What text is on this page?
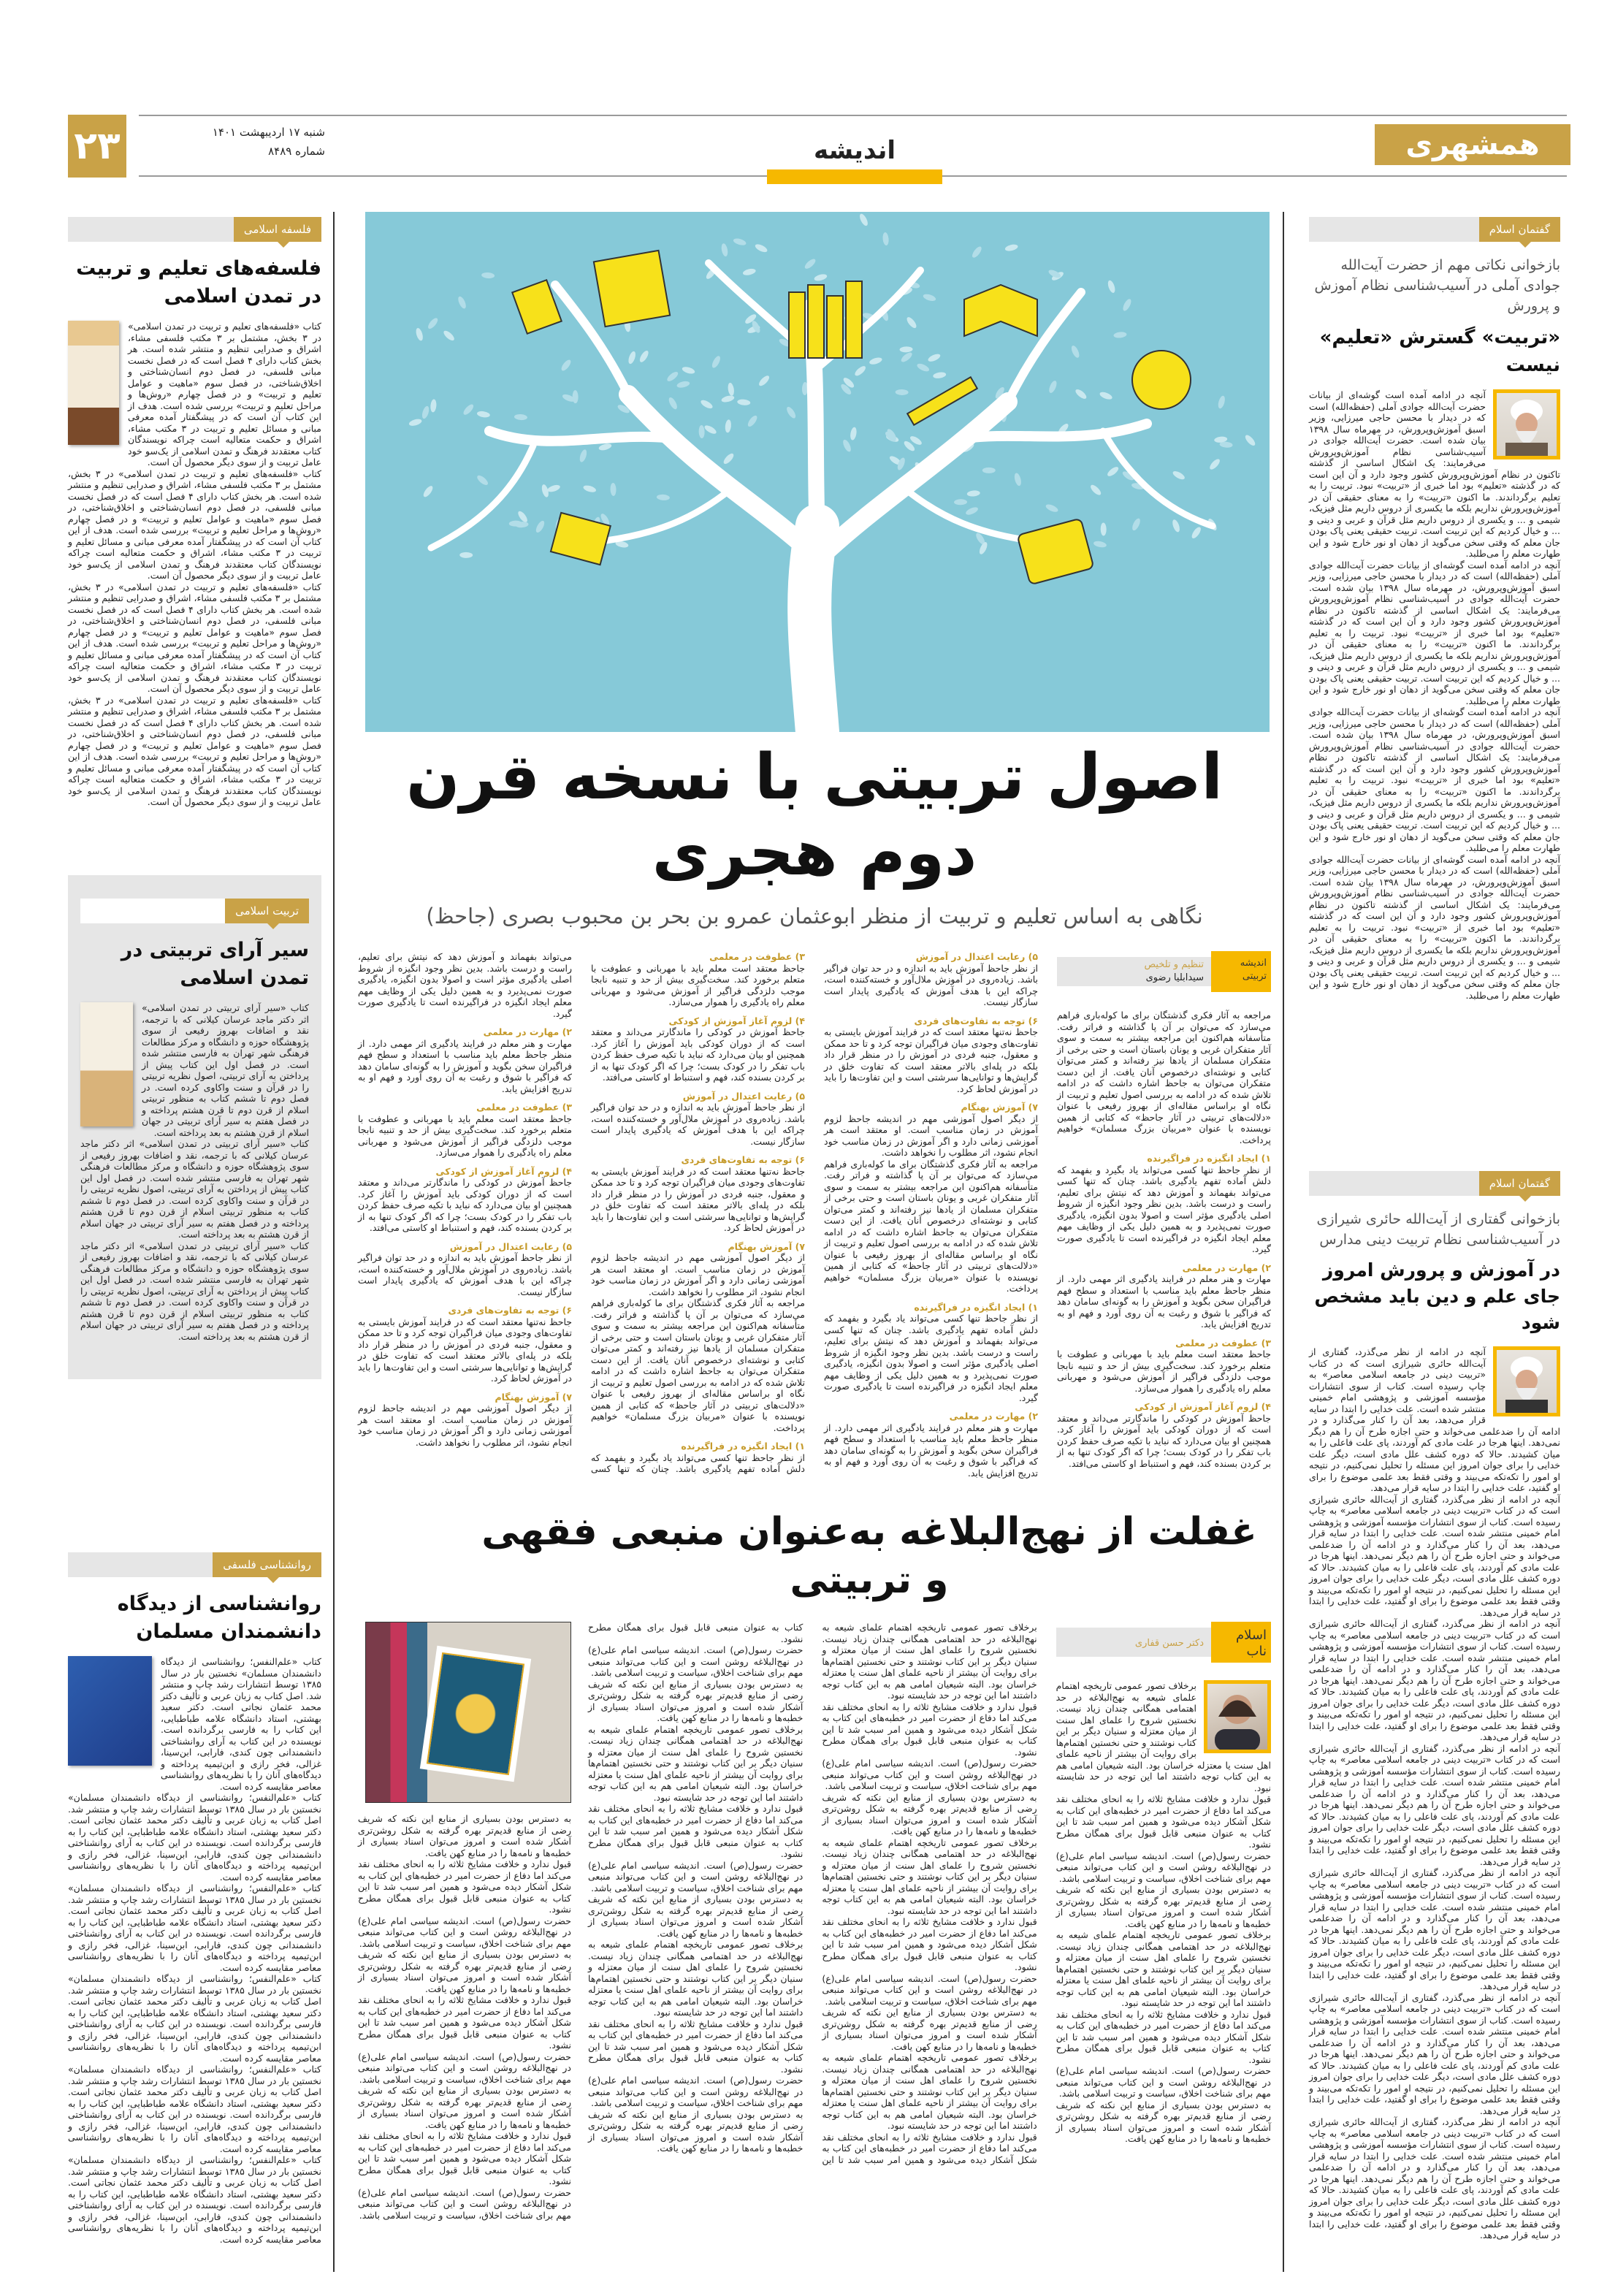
همشهری
۲۳	شنبه ۱۷ اردیبهشت ۱۴۰۱
شماره ۸۴۸۹	اندیشه
اصول تربیتی با نسخه قرن دوم هجری
نگاهی به اساس تعلیم و تربیت از منظر ابوعثمان عمرو بن بحر بن محبوب بصری (جاحظ)
اندیشه تربیتی
تنظیم و تلخیص
سیدابلیا رضوی

مراجعه به آثار فکری گذشتگان برای ما کوله‌باری فراهم می‌سازد که می‌توان بر آن پا گذاشته و فراتر رفت. متأسفانه هم‌اکنون این مراجعه بیشتر به سمت و سوی آثار متفکران غربی و یونان باستان است و حتی برخی از متفکران مسلمان از یادها نیز رفته‌اند و کمتر می‌توان کتابی و نوشته‌ای درخصوص آنان یافت. از این دست متفکران می‌توان به جاحظ اشاره داشت که در ادامه تلاش شده که در ادامه به بررسی اصول تعلیم و تربیت از نگاه او براساس مقاله‌ای از بهروز رفیعی با عنوان «دلالت‌های تربیتی در آثار جاحظ» که کتابی از همین نویسنده با عنوان «مربیان بزرگ مسلمان» خواهیم پرداخت.

۱) ایجاد انگیزه در فراگیرنده

از نظر جاحظ تنها کسی می‌تواند یاد بگیرد و بفهمد که دلش آماده تفهم یادگیری باشد. چنان که تنها کسی می‌تواند بفهماند و آموزش دهد که نیتش برای تعلیم، راست و درست باشد. بدین نظر وجود انگیزه از شروط اصلی یادگیری مؤثر است و اصولا بدون انگیزه، یادگیری صورت نمی‌پذیرد و به همین دلیل یکی از وظایف مهم معلم ایجاد انگیزه در فراگیرنده است تا یادگیری صورت گیرد.

۲) مهارت در معلمی

مهارت و هنر معلم در فرایند یادگیری اثر مهمی دارد. از منظر جاحظ معلم باید مناسب با استعداد و سطح فهم فراگیران سخن بگوید و آموزش را به گونه‌ای سامان دهد که فراگیر با شوق و رغبت به آن روی آورد و فهم او به تدریج افزایش یابد.

۳) عطوفت در معلمی

جاحظ معتقد است معلم باید با مهربانی و عطوفت با متعلم برخورد کند. سخت‌گیری بیش از حد و تنبیه نابجا موجب دلزدگی فراگیر از آموزش می‌شود و مهربانی معلم راه یادگیری را هموار می‌سازد.

۴) لزوم آغاز آموزش از کودکی

جاحظ آموزش در کودکی را ماندگارتر می‌داند و معتقد است که از دوران کودکی باید آموزش را آغاز کرد. همچنین او بیان می‌دارد که نباید با تکیه صرف حفظ کردن باب تفکر را در کودک بست؛ چرا که اگر کودک تنها به از بر کردن بسنده کند، فهم و استنباط او کاستی می‌افتد.

۵) رعایت اعتدال در آموزش

از نظر جاحظ آموزش باید به اندازه و در حد توان فراگیر باشد. زیاده‌روی در آموزش ملال‌آور و خسته‌کننده است، چراکه این با هدف آموزش که یادگیری پایدار است سازگار نیست.

۶) توجه به تفاوت‌های فردی

جاحظ نه‌تنها معتقد است که در فرایند آموزش بایستی به تفاوت‌های وجودی میان فراگیران توجه کرد و تا حد ممکن و معقول، جنبه فردی در آموزش را در منظر قرار داد بلکه در پله‌ای بالاتر معتقد است که تفاوت خلق در گرایش‌ها و توانایی‌ها سرشتی است و این تفاوت‌ها را باید در آموزش لحاظ کرد.

۷) آموزش بهنگام

از دیگر اصول آموزشی مهم در اندیشه جاحظ لزوم آموزش در زمان مناسب است. او معتقد است هر آموزشی زمانی دارد و اگر آموزش در زمان مناسب خود انجام نشود، اثر مطلوب را نخواهد داشت.

مراجعه به آثار فکری گذشتگان برای ما کوله‌باری فراهم می‌سازد که می‌توان بر آن پا گذاشته و فراتر رفت. متأسفانه هم‌اکنون این مراجعه بیشتر به سمت و سوی آثار متفکران غربی و یونان باستان است و حتی برخی از متفکران مسلمان از یادها نیز رفته‌اند و کمتر می‌توان کتابی و نوشته‌ای درخصوص آنان یافت. از این دست متفکران می‌توان به جاحظ اشاره داشت که در ادامه تلاش شده که در ادامه به بررسی اصول تعلیم و تربیت از نگاه او براساس مقاله‌ای از بهروز رفیعی با عنوان «دلالت‌های تربیتی در آثار جاحظ» که کتابی از همین نویسنده با عنوان «مربیان بزرگ مسلمان» خواهیم پرداخت.

۱) ایجاد انگیزه در فراگیرنده

از نظر جاحظ تنها کسی می‌تواند یاد بگیرد و بفهمد که دلش آماده تفهم یادگیری باشد. چنان که تنها کسی می‌تواند بفهماند و آموزش دهد که نیتش برای تعلیم، راست و درست باشد. بدین نظر وجود انگیزه از شروط اصلی یادگیری مؤثر است و اصولا بدون انگیزه، یادگیری صورت نمی‌پذیرد و به همین دلیل یکی از وظایف مهم معلم ایجاد انگیزه در فراگیرنده است تا یادگیری صورت گیرد.

۲) مهارت در معلمی

مهارت و هنر معلم در فرایند یادگیری اثر مهمی دارد. از منظر جاحظ معلم باید مناسب با استعداد و سطح فهم فراگیران سخن بگوید و آموزش را به گونه‌ای سامان دهد که فراگیر با شوق و رغبت به آن روی آورد و فهم او به تدریج افزایش یابد.

۳) عطوفت در معلمی

جاحظ معتقد است معلم باید با مهربانی و عطوفت با متعلم برخورد کند. سخت‌گیری بیش از حد و تنبیه نابجا موجب دلزدگی فراگیر از آموزش می‌شود و مهربانی معلم راه یادگیری را هموار می‌سازد.

۴) لزوم آغاز آموزش از کودکی

جاحظ آموزش در کودکی را ماندگارتر می‌داند و معتقد است که از دوران کودکی باید آموزش را آغاز کرد. همچنین او بیان می‌دارد که نباید با تکیه صرف حفظ کردن باب تفکر را در کودک بست؛ چرا که اگر کودک تنها به از بر کردن بسنده کند، فهم و استنباط او کاستی می‌افتد.

۵) رعایت اعتدال در آموزش

از نظر جاحظ آموزش باید به اندازه و در حد توان فراگیر باشد. زیاده‌روی در آموزش ملال‌آور و خسته‌کننده است، چراکه این با هدف آموزش که یادگیری پایدار است سازگار نیست.

۶) توجه به تفاوت‌های فردی

جاحظ نه‌تنها معتقد است که در فرایند آموزش بایستی به تفاوت‌های وجودی میان فراگیران توجه کرد و تا حد ممکن و معقول، جنبه فردی در آموزش را در منظر قرار داد بلکه در پله‌ای بالاتر معتقد است که تفاوت خلق در گرایش‌ها و توانایی‌ها سرشتی است و این تفاوت‌ها را باید در آموزش لحاظ کرد.

۷) آموزش بهنگام

از دیگر اصول آموزشی مهم در اندیشه جاحظ لزوم آموزش در زمان مناسب است. او معتقد است هر آموزشی زمانی دارد و اگر آموزش در زمان مناسب خود انجام نشود، اثر مطلوب را نخواهد داشت.

مراجعه به آثار فکری گذشتگان برای ما کوله‌باری فراهم می‌سازد که می‌توان بر آن پا گذاشته و فراتر رفت. متأسفانه هم‌اکنون این مراجعه بیشتر به سمت و سوی آثار متفکران غربی و یونان باستان است و حتی برخی از متفکران مسلمان از یادها نیز رفته‌اند و کمتر می‌توان کتابی و نوشته‌ای درخصوص آنان یافت. از این دست متفکران می‌توان به جاحظ اشاره داشت که در ادامه تلاش شده که در ادامه به بررسی اصول تعلیم و تربیت از نگاه او براساس مقاله‌ای از بهروز رفیعی با عنوان «دلالت‌های تربیتی در آثار جاحظ» که کتابی از همین نویسنده با عنوان «مربیان بزرگ مسلمان» خواهیم پرداخت.

۱) ایجاد انگیزه در فراگیرنده

از نظر جاحظ تنها کسی می‌تواند یاد بگیرد و بفهمد که دلش آماده تفهم یادگیری باشد. چنان که تنها کسی می‌تواند بفهماند و آموزش دهد که نیتش برای تعلیم، راست و درست باشد. بدین نظر وجود انگیزه از شروط اصلی یادگیری مؤثر است و اصولا بدون انگیزه، یادگیری صورت نمی‌پذیرد و به همین دلیل یکی از وظایف مهم معلم ایجاد انگیزه در فراگیرنده است تا یادگیری صورت گیرد.

۲) مهارت در معلمی

مهارت و هنر معلم در فرایند یادگیری اثر مهمی دارد. از منظر جاحظ معلم باید مناسب با استعداد و سطح فهم فراگیران سخن بگوید و آموزش را به گونه‌ای سامان دهد که فراگیر با شوق و رغبت به آن روی آورد و فهم او به تدریج افزایش یابد.

۳) عطوفت در معلمی

جاحظ معتقد است معلم باید با مهربانی و عطوفت با متعلم برخورد کند. سخت‌گیری بیش از حد و تنبیه نابجا موجب دلزدگی فراگیر از آموزش می‌شود و مهربانی معلم راه یادگیری را هموار می‌سازد.

۴) لزوم آغاز آموزش از کودکی

جاحظ آموزش در کودکی را ماندگارتر می‌داند و معتقد است که از دوران کودکی باید آموزش را آغاز کرد. همچنین او بیان می‌دارد که نباید با تکیه صرف حفظ کردن باب تفکر را در کودک بست؛ چرا که اگر کودک تنها به از بر کردن بسنده کند، فهم و استنباط او کاستی می‌افتد.

۵) رعایت اعتدال در آموزش

از نظر جاحظ آموزش باید به اندازه و در حد توان فراگیر باشد. زیاده‌روی در آموزش ملال‌آور و خسته‌کننده است، چراکه این با هدف آموزش که یادگیری پایدار است سازگار نیست.

۶) توجه به تفاوت‌های فردی

جاحظ نه‌تنها معتقد است که در فرایند آموزش بایستی به تفاوت‌های وجودی میان فراگیران توجه کرد و تا حد ممکن و معقول، جنبه فردی در آموزش را در منظر قرار داد بلکه در پله‌ای بالاتر معتقد است که تفاوت خلق در گرایش‌ها و توانایی‌ها سرشتی است و این تفاوت‌ها را باید در آموزش لحاظ کرد.

۷) آموزش بهنگام

از دیگر اصول آموزشی مهم در اندیشه جاحظ لزوم آموزش در زمان مناسب است. او معتقد است هر آموزشی زمانی دارد و اگر آموزش در زمان مناسب خود انجام نشود، اثر مطلوب را نخواهد داشت.

غفلت از نهج‌البلاغه به‌عنوان منبعی فقهی و تربیتی

به دسترس بودن بسیاری از منابع این نکته که شریف رضی از منابع قدیم‌تر بهره گرفته به شکل روشن‌تری آشکار شده است و امروز می‌توان اسناد بسیاری از خطبه‌ها و نامه‌ها را در منابع کهن یافت.

قبول ندارد و خلافت مشایخ ثلاثه را به انحای مختلف نقد می‌کند اما دفاع از حضرت امیر در خطبه‌های این کتاب به شکل آشکار دیده می‌شود و همین امر سبب شد تا این کتاب به عنوان منبعی قابل قبول برای همگان مطرح نشود.

حضرت رسول(ص) است. اندیشه سیاسی امام علی(ع) در نهج‌البلاغه روشن است و این کتاب می‌تواند منبعی مهم برای شناخت اخلاق، سیاست و تربیت اسلامی باشد.

به دسترس بودن بسیاری از منابع این نکته که شریف رضی از منابع قدیم‌تر بهره گرفته به شکل روشن‌تری آشکار شده است و امروز می‌توان اسناد بسیاری از خطبه‌ها و نامه‌ها را در منابع کهن یافت.

قبول ندارد و خلافت مشایخ ثلاثه را به انحای مختلف نقد می‌کند اما دفاع از حضرت امیر در خطبه‌های این کتاب به شکل آشکار دیده می‌شود و همین امر سبب شد تا این کتاب به عنوان منبعی قابل قبول برای همگان مطرح نشود.

حضرت رسول(ص) است. اندیشه سیاسی امام علی(ع) در نهج‌البلاغه روشن است و این کتاب می‌تواند منبعی مهم برای شناخت اخلاق، سیاست و تربیت اسلامی باشد.

به دسترس بودن بسیاری از منابع این نکته که شریف رضی از منابع قدیم‌تر بهره گرفته به شکل روشن‌تری آشکار شده است و امروز می‌توان اسناد بسیاری از خطبه‌ها و نامه‌ها را در منابع کهن یافت.

قبول ندارد و خلافت مشایخ ثلاثه را به انحای مختلف نقد می‌کند اما دفاع از حضرت امیر در خطبه‌های این کتاب به شکل آشکار دیده می‌شود و همین امر سبب شد تا این کتاب به عنوان منبعی قابل قبول برای همگان مطرح نشود.

حضرت رسول(ص) است. اندیشه سیاسی امام علی(ع) در نهج‌البلاغه روشن است و این کتاب می‌تواند منبعی مهم برای شناخت اخلاق، سیاست و تربیت اسلامی باشد.

اسلام ناب
دکتر حسن قفاری

برخلاف تصور عمومی تاریخچه اهتمام علمای شیعه به نهج‌البلاغه در حد اهتمامی همگانی چندان زیاد نیست. نخستین شروح را علمای اهل سنت از میان معتزله و سنیان دیگر بر این کتاب نوشتند و حتی نخستین اهتمام‌ها برای روایت آن بیشتر از ناحیه علمای اهل سنت یا معتزله خراسان بود. البته شیعیان امامی هم به این کتاب توجه داشتند اما این توجه در حد شایسته نبود.

قبول ندارد و خلافت مشایخ ثلاثه را به انحای مختلف نقد می‌کند اما دفاع از حضرت امیر در خطبه‌های این کتاب به شکل آشکار دیده می‌شود و همین امر سبب شد تا این کتاب به عنوان منبعی قابل قبول برای همگان مطرح نشود.

حضرت رسول(ص) است. اندیشه سیاسی امام علی(ع) در نهج‌البلاغه روشن است و این کتاب می‌تواند منبعی مهم برای شناخت اخلاق، سیاست و تربیت اسلامی باشد.

به دسترس بودن بسیاری از منابع این نکته که شریف رضی از منابع قدیم‌تر بهره گرفته به شکل روشن‌تری آشکار شده است و امروز می‌توان اسناد بسیاری از خطبه‌ها و نامه‌ها را در منابع کهن یافت.

برخلاف تصور عمومی تاریخچه اهتمام علمای شیعه به نهج‌البلاغه در حد اهتمامی همگانی چندان زیاد نیست. نخستین شروح را علمای اهل سنت از میان معتزله و سنیان دیگر بر این کتاب نوشتند و حتی نخستین اهتمام‌ها برای روایت آن بیشتر از ناحیه علمای اهل سنت یا معتزله خراسان بود. البته شیعیان امامی هم به این کتاب توجه داشتند اما این توجه در حد شایسته نبود.

قبول ندارد و خلافت مشایخ ثلاثه را به انحای مختلف نقد می‌کند اما دفاع از حضرت امیر در خطبه‌های این کتاب به شکل آشکار دیده می‌شود و همین امر سبب شد تا این کتاب به عنوان منبعی قابل قبول برای همگان مطرح نشود.

حضرت رسول(ص) است. اندیشه سیاسی امام علی(ع) در نهج‌البلاغه روشن است و این کتاب می‌تواند منبعی مهم برای شناخت اخلاق، سیاست و تربیت اسلامی باشد.

به دسترس بودن بسیاری از منابع این نکته که شریف رضی از منابع قدیم‌تر بهره گرفته به شکل روشن‌تری آشکار شده است و امروز می‌توان اسناد بسیاری از خطبه‌ها و نامه‌ها را در منابع کهن یافت.

برخلاف تصور عمومی تاریخچه اهتمام علمای شیعه به نهج‌البلاغه در حد اهتمامی همگانی چندان زیاد نیست. نخستین شروح را علمای اهل سنت از میان معتزله و سنیان دیگر بر این کتاب نوشتند و حتی نخستین اهتمام‌ها برای روایت آن بیشتر از ناحیه علمای اهل سنت یا معتزله خراسان بود. البته شیعیان امامی هم به این کتاب توجه داشتند اما این توجه در حد شایسته نبود.

قبول ندارد و خلافت مشایخ ثلاثه را به انحای مختلف نقد می‌کند اما دفاع از حضرت امیر در خطبه‌های این کتاب به شکل آشکار دیده می‌شود و همین امر سبب شد تا این کتاب به عنوان منبعی قابل قبول برای همگان مطرح نشود.

حضرت رسول(ص) است. اندیشه سیاسی امام علی(ع) در نهج‌البلاغه روشن است و این کتاب می‌تواند منبعی مهم برای شناخت اخلاق، سیاست و تربیت اسلامی باشد.

به دسترس بودن بسیاری از منابع این نکته که شریف رضی از منابع قدیم‌تر بهره گرفته به شکل روشن‌تری آشکار شده است و امروز می‌توان اسناد بسیاری از خطبه‌ها و نامه‌ها را در منابع کهن یافت.

برخلاف تصور عمومی تاریخچه اهتمام علمای شیعه به نهج‌البلاغه در حد اهتمامی همگانی چندان زیاد نیست. نخستین شروح را علمای اهل سنت از میان معتزله و سنیان دیگر بر این کتاب نوشتند و حتی نخستین اهتمام‌ها برای روایت آن بیشتر از ناحیه علمای اهل سنت یا معتزله خراسان بود. البته شیعیان امامی هم به این کتاب توجه داشتند اما این توجه در حد شایسته نبود.

قبول ندارد و خلافت مشایخ ثلاثه را به انحای مختلف نقد می‌کند اما دفاع از حضرت امیر در خطبه‌های این کتاب به شکل آشکار دیده می‌شود و همین امر سبب شد تا این کتاب به عنوان منبعی قابل قبول برای همگان مطرح نشود.

حضرت رسول(ص) است. اندیشه سیاسی امام علی(ع) در نهج‌البلاغه روشن است و این کتاب می‌تواند منبعی مهم برای شناخت اخلاق، سیاست و تربیت اسلامی باشد.

به دسترس بودن بسیاری از منابع این نکته که شریف رضی از منابع قدیم‌تر بهره گرفته به شکل روشن‌تری آشکار شده است و امروز می‌توان اسناد بسیاری از خطبه‌ها و نامه‌ها را در منابع کهن یافت.

برخلاف تصور عمومی تاریخچه اهتمام علمای شیعه به نهج‌البلاغه در حد اهتمامی همگانی چندان زیاد نیست. نخستین شروح را علمای اهل سنت از میان معتزله و سنیان دیگر بر این کتاب نوشتند و حتی نخستین اهتمام‌ها برای روایت آن بیشتر از ناحیه علمای اهل سنت یا معتزله خراسان بود. البته شیعیان امامی هم به این کتاب توجه داشتند اما این توجه در حد شایسته نبود.

قبول ندارد و خلافت مشایخ ثلاثه را به انحای مختلف نقد می‌کند اما دفاع از حضرت امیر در خطبه‌های این کتاب به شکل آشکار دیده می‌شود و همین امر سبب شد تا این کتاب به عنوان منبعی قابل قبول برای همگان مطرح نشود.

حضرت رسول(ص) است. اندیشه سیاسی امام علی(ع) در نهج‌البلاغه روشن است و این کتاب می‌تواند منبعی مهم برای شناخت اخلاق، سیاست و تربیت اسلامی باشد.

به دسترس بودن بسیاری از منابع این نکته که شریف رضی از منابع قدیم‌تر بهره گرفته به شکل روشن‌تری آشکار شده است و امروز می‌توان اسناد بسیاری از خطبه‌ها و نامه‌ها را در منابع کهن یافت.

برخلاف تصور عمومی تاریخچه اهتمام علمای شیعه به نهج‌البلاغه در حد اهتمامی همگانی چندان زیاد نیست. نخستین شروح را علمای اهل سنت از میان معتزله و سنیان دیگر بر این کتاب نوشتند و حتی نخستین اهتمام‌ها برای روایت آن بیشتر از ناحیه علمای اهل سنت یا معتزله خراسان بود. البته شیعیان امامی هم به این کتاب توجه داشتند اما این توجه در حد شایسته نبود.

قبول ندارد و خلافت مشایخ ثلاثه را به انحای مختلف نقد می‌کند اما دفاع از حضرت امیر در خطبه‌های این کتاب به شکل آشکار دیده می‌شود و همین امر سبب شد تا این کتاب به عنوان منبعی قابل قبول برای همگان مطرح نشود.

حضرت رسول(ص) است. اندیشه سیاسی امام علی(ع) در نهج‌البلاغه روشن است و این کتاب می‌تواند منبعی مهم برای شناخت اخلاق، سیاست و تربیت اسلامی باشد.

به دسترس بودن بسیاری از منابع این نکته که شریف رضی از منابع قدیم‌تر بهره گرفته به شکل روشن‌تری آشکار شده است و امروز می‌توان اسناد بسیاری از خطبه‌ها و نامه‌ها را در منابع کهن یافت.

برخلاف تصور عمومی تاریخچه اهتمام علمای شیعه به نهج‌البلاغه در حد اهتمامی همگانی چندان زیاد نیست. نخستین شروح را علمای اهل سنت از میان معتزله و سنیان دیگر بر این کتاب نوشتند و حتی نخستین اهتمام‌ها برای روایت آن بیشتر از ناحیه علمای اهل سنت یا معتزله خراسان بود. البته شیعیان امامی هم به این کتاب توجه داشتند اما این توجه در حد شایسته نبود.

قبول ندارد و خلافت مشایخ ثلاثه را به انحای مختلف نقد می‌کند اما دفاع از حضرت امیر در خطبه‌های این کتاب به شکل آشکار دیده می‌شود و همین امر سبب شد تا این کتاب به عنوان منبعی قابل قبول برای همگان مطرح نشود.

حضرت رسول(ص) است. اندیشه سیاسی امام علی(ع) در نهج‌البلاغه روشن است و این کتاب می‌تواند منبعی مهم برای شناخت اخلاق، سیاست و تربیت اسلامی باشد.

به دسترس بودن بسیاری از منابع این نکته که شریف رضی از منابع قدیم‌تر بهره گرفته به شکل روشن‌تری آشکار شده است و امروز می‌توان اسناد بسیاری از خطبه‌ها و نامه‌ها را در منابع کهن یافت.

گفتمان اسلام
بازخوانی نکاتی مهم از حضرت آیت‌الله جوادی آملی در آسیب‌شناسی نظام آموزش و پرورش
«تربیت» گسترش «تعلیم» نیست

آنچه در ادامه آمده است گوشه‌ای از بیانات حضرت آیت‌الله جوادی آملی (حفظه‌الله) است که در دیدار با محسن حاجی میرزایی، وزیر اسبق آموزش‌وپرورش، در مهرماه سال ۱۳۹۸ بیان شده است. حضرت آیت‌الله جوادی در آسیب‌شناسی نظام آموزش‌وپرورش می‌فرمایند: یک اشکال اساسی از گذشته تاکنون در نظام آموزش‌وپرورش کشور وجود دارد و آن این است که در گذشته «تعلیم» بود اما خبری از «تربیت» نبود. تربیت را به تعلیم برگرداندند. ما اکنون «تربیت» را به معنای حقیقی آن در آموزش‌وپرورش نداریم بلکه ما یکسری از دروس داریم مثل فیزیک، شیمی و ... و یکسری از دروس داریم مثل قرآن و عربی و دینی و ... و خیال کردیم که این تربیت است. تربیت حقیقی یعنی پاک بودن جان معلم که وقتی سخن می‌گوید از دهان او نور خارج شود و این طهارت معلم را می‌طلبد.

آنچه در ادامه آمده است گوشه‌ای از بیانات حضرت آیت‌الله جوادی آملی (حفظه‌الله) است که در دیدار با محسن حاجی میرزایی، وزیر اسبق آموزش‌وپرورش، در مهرماه سال ۱۳۹۸ بیان شده است. حضرت آیت‌الله جوادی در آسیب‌شناسی نظام آموزش‌وپرورش می‌فرمایند: یک اشکال اساسی از گذشته تاکنون در نظام آموزش‌وپرورش کشور وجود دارد و آن این است که در گذشته «تعلیم» بود اما خبری از «تربیت» نبود. تربیت را به تعلیم برگرداندند. ما اکنون «تربیت» را به معنای حقیقی آن در آموزش‌وپرورش نداریم بلکه ما یکسری از دروس داریم مثل فیزیک، شیمی و ... و یکسری از دروس داریم مثل قرآن و عربی و دینی و ... و خیال کردیم که این تربیت است. تربیت حقیقی یعنی پاک بودن جان معلم که وقتی سخن می‌گوید از دهان او نور خارج شود و این طهارت معلم را می‌طلبد.

آنچه در ادامه آمده است گوشه‌ای از بیانات حضرت آیت‌الله جوادی آملی (حفظه‌الله) است که در دیدار با محسن حاجی میرزایی، وزیر اسبق آموزش‌وپرورش، در مهرماه سال ۱۳۹۸ بیان شده است. حضرت آیت‌الله جوادی در آسیب‌شناسی نظام آموزش‌وپرورش می‌فرمایند: یک اشکال اساسی از گذشته تاکنون در نظام آموزش‌وپرورش کشور وجود دارد و آن این است که در گذشته «تعلیم» بود اما خبری از «تربیت» نبود. تربیت را به تعلیم برگرداندند. ما اکنون «تربیت» را به معنای حقیقی آن در آموزش‌وپرورش نداریم بلکه ما یکسری از دروس داریم مثل فیزیک، شیمی و ... و یکسری از دروس داریم مثل قرآن و عربی و دینی و ... و خیال کردیم که این تربیت است. تربیت حقیقی یعنی پاک بودن جان معلم که وقتی سخن می‌گوید از دهان او نور خارج شود و این طهارت معلم را می‌طلبد.

آنچه در ادامه آمده است گوشه‌ای از بیانات حضرت آیت‌الله جوادی آملی (حفظه‌الله) است که در دیدار با محسن حاجی میرزایی، وزیر اسبق آموزش‌وپرورش، در مهرماه سال ۱۳۹۸ بیان شده است. حضرت آیت‌الله جوادی در آسیب‌شناسی نظام آموزش‌وپرورش می‌فرمایند: یک اشکال اساسی از گذشته تاکنون در نظام آموزش‌وپرورش کشور وجود دارد و آن این است که در گذشته «تعلیم» بود اما خبری از «تربیت» نبود. تربیت را به تعلیم برگرداندند. ما اکنون «تربیت» را به معنای حقیقی آن در آموزش‌وپرورش نداریم بلکه ما یکسری از دروس داریم مثل فیزیک، شیمی و ... و یکسری از دروس داریم مثل قرآن و عربی و دینی و ... و خیال کردیم که این تربیت است. تربیت حقیقی یعنی پاک بودن جان معلم که وقتی سخن می‌گوید از دهان او نور خارج شود و این طهارت معلم را می‌طلبد.

گفتمان اسلام
بازخوانی گفتاری از آیت‌الله حائری شیرازی در آسیب‌شناسی نظام تربیت دینی مدارس
در آموزش و پرورش امروز جای علم و دین باید مشخص شود

آنچه در ادامه از نظر می‌گذرد، گفتاری از آیت‌الله حائری شیرازی است که در کتاب «تربیت دینی در جامعه اسلامی معاصر» به چاپ رسیده است. کتاب از سوی انتشارات مؤسسه آموزشی و پژوهشی امام خمینی منتشر شده است. علت خدایی را ابتدا در سایه قرار می‌دهد، بعد آن را کنار می‌گذارد و در ادامه آن را ضدعلمی می‌خواند و حتی اجازه طرح آن را هم دیگر نمی‌دهد. اینها هرجا در علت مادی کم آوردند، پای علت فاعلی را به میان کشیدند. حالا که دوره کشف علل مادی است، دیگر علت خدایی را برای جوان امروز این مسئله را تحلیل نمی‌کنیم، در نتیجه او امور را تکه‌تکه می‌بیند و وقتی فقط بعد علمی موضوع را برای او گفتید، علت خدایی را ابتدا در سایه قرار می‌دهد.

آنچه در ادامه از نظر می‌گذرد، گفتاری از آیت‌الله حائری شیرازی است که در کتاب «تربیت دینی در جامعه اسلامی معاصر» به چاپ رسیده است. کتاب از سوی انتشارات مؤسسه آموزشی و پژوهشی امام خمینی منتشر شده است. علت خدایی را ابتدا در سایه قرار می‌دهد، بعد آن را کنار می‌گذارد و در ادامه آن را ضدعلمی می‌خواند و حتی اجازه طرح آن را هم دیگر نمی‌دهد. اینها هرجا در علت مادی کم آوردند، پای علت فاعلی را به میان کشیدند. حالا که دوره کشف علل مادی است، دیگر علت خدایی را برای جوان امروز این مسئله را تحلیل نمی‌کنیم، در نتیجه او امور را تکه‌تکه می‌بیند و وقتی فقط بعد علمی موضوع را برای او گفتید، علت خدایی را ابتدا در سایه قرار می‌دهد.

آنچه در ادامه از نظر می‌گذرد، گفتاری از آیت‌الله حائری شیرازی است که در کتاب «تربیت دینی در جامعه اسلامی معاصر» به چاپ رسیده است. کتاب از سوی انتشارات مؤسسه آموزشی و پژوهشی امام خمینی منتشر شده است. علت خدایی را ابتدا در سایه قرار می‌دهد، بعد آن را کنار می‌گذارد و در ادامه آن را ضدعلمی می‌خواند و حتی اجازه طرح آن را هم دیگر نمی‌دهد. اینها هرجا در علت مادی کم آوردند، پای علت فاعلی را به میان کشیدند. حالا که دوره کشف علل مادی است، دیگر علت خدایی را برای جوان امروز این مسئله را تحلیل نمی‌کنیم، در نتیجه او امور را تکه‌تکه می‌بیند و وقتی فقط بعد علمی موضوع را برای او گفتید، علت خدایی را ابتدا در سایه قرار می‌دهد.

آنچه در ادامه از نظر می‌گذرد، گفتاری از آیت‌الله حائری شیرازی است که در کتاب «تربیت دینی در جامعه اسلامی معاصر» به چاپ رسیده است. کتاب از سوی انتشارات مؤسسه آموزشی و پژوهشی امام خمینی منتشر شده است. علت خدایی را ابتدا در سایه قرار می‌دهد، بعد آن را کنار می‌گذارد و در ادامه آن را ضدعلمی می‌خواند و حتی اجازه طرح آن را هم دیگر نمی‌دهد. اینها هرجا در علت مادی کم آوردند، پای علت فاعلی را به میان کشیدند. حالا که دوره کشف علل مادی است، دیگر علت خدایی را برای جوان امروز این مسئله را تحلیل نمی‌کنیم، در نتیجه او امور را تکه‌تکه می‌بیند و وقتی فقط بعد علمی موضوع را برای او گفتید، علت خدایی را ابتدا در سایه قرار می‌دهد.

آنچه در ادامه از نظر می‌گذرد، گفتاری از آیت‌الله حائری شیرازی است که در کتاب «تربیت دینی در جامعه اسلامی معاصر» به چاپ رسیده است. کتاب از سوی انتشارات مؤسسه آموزشی و پژوهشی امام خمینی منتشر شده است. علت خدایی را ابتدا در سایه قرار می‌دهد، بعد آن را کنار می‌گذارد و در ادامه آن را ضدعلمی می‌خواند و حتی اجازه طرح آن را هم دیگر نمی‌دهد. اینها هرجا در علت مادی کم آوردند، پای علت فاعلی را به میان کشیدند. حالا که دوره کشف علل مادی است، دیگر علت خدایی را برای جوان امروز این مسئله را تحلیل نمی‌کنیم، در نتیجه او امور را تکه‌تکه می‌بیند و وقتی فقط بعد علمی موضوع را برای او گفتید، علت خدایی را ابتدا در سایه قرار می‌دهد.

آنچه در ادامه از نظر می‌گذرد، گفتاری از آیت‌الله حائری شیرازی است که در کتاب «تربیت دینی در جامعه اسلامی معاصر» به چاپ رسیده است. کتاب از سوی انتشارات مؤسسه آموزشی و پژوهشی امام خمینی منتشر شده است. علت خدایی را ابتدا در سایه قرار می‌دهد، بعد آن را کنار می‌گذارد و در ادامه آن را ضدعلمی می‌خواند و حتی اجازه طرح آن را هم دیگر نمی‌دهد. اینها هرجا در علت مادی کم آوردند، پای علت فاعلی را به میان کشیدند. حالا که دوره کشف علل مادی است، دیگر علت خدایی را برای جوان امروز این مسئله را تحلیل نمی‌کنیم، در نتیجه او امور را تکه‌تکه می‌بیند و وقتی فقط بعد علمی موضوع را برای او گفتید، علت خدایی را ابتدا در سایه قرار می‌دهد.

آنچه در ادامه از نظر می‌گذرد، گفتاری از آیت‌الله حائری شیرازی است که در کتاب «تربیت دینی در جامعه اسلامی معاصر» به چاپ رسیده است. کتاب از سوی انتشارات مؤسسه آموزشی و پژوهشی امام خمینی منتشر شده است. علت خدایی را ابتدا در سایه قرار می‌دهد، بعد آن را کنار می‌گذارد و در ادامه آن را ضدعلمی می‌خواند و حتی اجازه طرح آن را هم دیگر نمی‌دهد. اینها هرجا در علت مادی کم آوردند، پای علت فاعلی را به میان کشیدند. حالا که دوره کشف علل مادی است، دیگر علت خدایی را برای جوان امروز این مسئله را تحلیل نمی‌کنیم، در نتیجه او امور را تکه‌تکه می‌بیند و وقتی فقط بعد علمی موضوع را برای او گفتید، علت خدایی را ابتدا در سایه قرار می‌دهد.

فلسفه اسلامی
فلسفه‌های تعلیم و تربیت در تمدن اسلامی

کتاب «فلسفه‌های تعلیم و تربیت در تمدن اسلامی» در ۳ بخش، مشتمل بر ۳ مکتب فلسفی مشاء، اشراق و صدرایی تنظیم و منتشر شده است. هر بخش کتاب دارای ۴ فصل است که در فصل نخست مبانی فلسفی، در فصل دوم انسان‌شناختی و اخلاق‌شناختی، در فصل سوم «ماهیت و عوامل تعلیم و تربیت» و در فصل چهارم «روش‌ها و مراحل تعلیم و تربیت» بررسی شده است. هدف از این کتاب آن است که در پیشگفتار آمده معرفی مبانی و مسائل تعلیم و تربیت در ۳ مکتب مشاء، اشراق و حکمت متعالیه است چراکه نویسندگان کتاب معتقدند فرهنگ و تمدن اسلامی از یک‌سو خود عامل تربیت و از سوی دیگر محصول آن است.

کتاب «فلسفه‌های تعلیم و تربیت در تمدن اسلامی» در ۳ بخش، مشتمل بر ۳ مکتب فلسفی مشاء، اشراق و صدرایی تنظیم و منتشر شده است. هر بخش کتاب دارای ۴ فصل است که در فصل نخست مبانی فلسفی، در فصل دوم انسان‌شناختی و اخلاق‌شناختی، در فصل سوم «ماهیت و عوامل تعلیم و تربیت» و در فصل چهارم «روش‌ها و مراحل تعلیم و تربیت» بررسی شده است. هدف از این کتاب آن است که در پیشگفتار آمده معرفی مبانی و مسائل تعلیم و تربیت در ۳ مکتب مشاء، اشراق و حکمت متعالیه است چراکه نویسندگان کتاب معتقدند فرهنگ و تمدن اسلامی از یک‌سو خود عامل تربیت و از سوی دیگر محصول آن است.

کتاب «فلسفه‌های تعلیم و تربیت در تمدن اسلامی» در ۳ بخش، مشتمل بر ۳ مکتب فلسفی مشاء، اشراق و صدرایی تنظیم و منتشر شده است. هر بخش کتاب دارای ۴ فصل است که در فصل نخست مبانی فلسفی، در فصل دوم انسان‌شناختی و اخلاق‌شناختی، در فصل سوم «ماهیت و عوامل تعلیم و تربیت» و در فصل چهارم «روش‌ها و مراحل تعلیم و تربیت» بررسی شده است. هدف از این کتاب آن است که در پیشگفتار آمده معرفی مبانی و مسائل تعلیم و تربیت در ۳ مکتب مشاء، اشراق و حکمت متعالیه است چراکه نویسندگان کتاب معتقدند فرهنگ و تمدن اسلامی از یک‌سو خود عامل تربیت و از سوی دیگر محصول آن است.

کتاب «فلسفه‌های تعلیم و تربیت در تمدن اسلامی» در ۳ بخش، مشتمل بر ۳ مکتب فلسفی مشاء، اشراق و صدرایی تنظیم و منتشر شده است. هر بخش کتاب دارای ۴ فصل است که در فصل نخست مبانی فلسفی، در فصل دوم انسان‌شناختی و اخلاق‌شناختی، در فصل سوم «ماهیت و عوامل تعلیم و تربیت» و در فصل چهارم «روش‌ها و مراحل تعلیم و تربیت» بررسی شده است. هدف از این کتاب آن است که در پیشگفتار آمده معرفی مبانی و مسائل تعلیم و تربیت در ۳ مکتب مشاء، اشراق و حکمت متعالیه است چراکه نویسندگان کتاب معتقدند فرهنگ و تمدن اسلامی از یک‌سو خود عامل تربیت و از سوی دیگر محصول آن است.

تربیت اسلامی
سیر آرای تربیتی در تمدن اسلامی

کتاب «سیر آرای تربیتی در تمدن اسلامی» اثر دکتر ماجد عرسان کیلانی که با ترجمه، نقد و اضافات بهروز رفیعی از سوی پژوهشگاه حوزه و دانشگاه و مرکز مطالعات فرهنگی شهر تهران به فارسی منتشر شده است. در فصل اول این کتاب پیش از پرداختن به آرای تربیتی، اصول نظریه تربیتی را در قرآن و سنت واکاوی کرده است. در فصل دوم تا ششم کتاب به منظور تربیتی اسلام از قرن دوم تا قرن هشتم پرداخته و در فصل هفتم به سیر آرای تربیتی در جهان اسلام از قرن هشتم به بعد پرداخته است.

کتاب «سیر آرای تربیتی در تمدن اسلامی» اثر دکتر ماجد عرسان کیلانی که با ترجمه، نقد و اضافات بهروز رفیعی از سوی پژوهشگاه حوزه و دانشگاه و مرکز مطالعات فرهنگی شهر تهران به فارسی منتشر شده است. در فصل اول این کتاب پیش از پرداختن به آرای تربیتی، اصول نظریه تربیتی را در قرآن و سنت واکاوی کرده است. در فصل دوم تا ششم کتاب به منظور تربیتی اسلام از قرن دوم تا قرن هشتم پرداخته و در فصل هفتم به سیر آرای تربیتی در جهان اسلام از قرن هشتم به بعد پرداخته است.

کتاب «سیر آرای تربیتی در تمدن اسلامی» اثر دکتر ماجد عرسان کیلانی که با ترجمه، نقد و اضافات بهروز رفیعی از سوی پژوهشگاه حوزه و دانشگاه و مرکز مطالعات فرهنگی شهر تهران به فارسی منتشر شده است. در فصل اول این کتاب پیش از پرداختن به آرای تربیتی، اصول نظریه تربیتی را در قرآن و سنت واکاوی کرده است. در فصل دوم تا ششم کتاب به منظور تربیتی اسلام از قرن دوم تا قرن هشتم پرداخته و در فصل هفتم به سیر آرای تربیتی در جهان اسلام از قرن هشتم به بعد پرداخته است.

روانشناسی فلسفی
روانشناسی از دیدگاه دانشمندان مسلمان

کتاب «علم‌النفس؛ روانشناسی از دیدگاه دانشمندان مسلمان» نخستین بار در سال ۱۳۸۵ توسط انتشارات رشد چاپ و منتشر شد. اصل کتاب به زبان عربی و تألیف دکتر محمد عثمان نجاتی است. دکتر سعید بهشتی، استاد دانشگاه علامه طباطبایی، این کتاب را به فارسی برگردانده است. نویسنده در این کتاب به آرای روانشناختی دانشمندانی چون کندی، فارابی، ابن‌سینا، غزالی، فخر رازی و ابن‌تیمیه پرداخته و دیدگاه‌های آنان را با نظریه‌های روانشناسی معاصر مقایسه کرده است.

کتاب «علم‌النفس؛ روانشناسی از دیدگاه دانشمندان مسلمان» نخستین بار در سال ۱۳۸۵ توسط انتشارات رشد چاپ و منتشر شد. اصل کتاب به زبان عربی و تألیف دکتر محمد عثمان نجاتی است. دکتر سعید بهشتی، استاد دانشگاه علامه طباطبایی، این کتاب را به فارسی برگردانده است. نویسنده در این کتاب به آرای روانشناختی دانشمندانی چون کندی، فارابی، ابن‌سینا، غزالی، فخر رازی و ابن‌تیمیه پرداخته و دیدگاه‌های آنان را با نظریه‌های روانشناسی معاصر مقایسه کرده است.

کتاب «علم‌النفس؛ روانشناسی از دیدگاه دانشمندان مسلمان» نخستین بار در سال ۱۳۸۵ توسط انتشارات رشد چاپ و منتشر شد. اصل کتاب به زبان عربی و تألیف دکتر محمد عثمان نجاتی است. دکتر سعید بهشتی، استاد دانشگاه علامه طباطبایی، این کتاب را به فارسی برگردانده است. نویسنده در این کتاب به آرای روانشناختی دانشمندانی چون کندی، فارابی، ابن‌سینا، غزالی، فخر رازی و ابن‌تیمیه پرداخته و دیدگاه‌های آنان را با نظریه‌های روانشناسی معاصر مقایسه کرده است.

کتاب «علم‌النفس؛ روانشناسی از دیدگاه دانشمندان مسلمان» نخستین بار در سال ۱۳۸۵ توسط انتشارات رشد چاپ و منتشر شد. اصل کتاب به زبان عربی و تألیف دکتر محمد عثمان نجاتی است. دکتر سعید بهشتی، استاد دانشگاه علامه طباطبایی، این کتاب را به فارسی برگردانده است. نویسنده در این کتاب به آرای روانشناختی دانشمندانی چون کندی، فارابی، ابن‌سینا، غزالی، فخر رازی و ابن‌تیمیه پرداخته و دیدگاه‌های آنان را با نظریه‌های روانشناسی معاصر مقایسه کرده است.

کتاب «علم‌النفس؛ روانشناسی از دیدگاه دانشمندان مسلمان» نخستین بار در سال ۱۳۸۵ توسط انتشارات رشد چاپ و منتشر شد. اصل کتاب به زبان عربی و تألیف دکتر محمد عثمان نجاتی است. دکتر سعید بهشتی، استاد دانشگاه علامه طباطبایی، این کتاب را به فارسی برگردانده است. نویسنده در این کتاب به آرای روانشناختی دانشمندانی چون کندی، فارابی، ابن‌سینا، غزالی، فخر رازی و ابن‌تیمیه پرداخته و دیدگاه‌های آنان را با نظریه‌های روانشناسی معاصر مقایسه کرده است.

کتاب «علم‌النفس؛ روانشناسی از دیدگاه دانشمندان مسلمان» نخستین بار در سال ۱۳۸۵ توسط انتشارات رشد چاپ و منتشر شد. اصل کتاب به زبان عربی و تألیف دکتر محمد عثمان نجاتی است. دکتر سعید بهشتی، استاد دانشگاه علامه طباطبایی، این کتاب را به فارسی برگردانده است. نویسنده در این کتاب به آرای روانشناختی دانشمندانی چون کندی، فارابی، ابن‌سینا، غزالی، فخر رازی و ابن‌تیمیه پرداخته و دیدگاه‌های آنان را با نظریه‌های روانشناسی معاصر مقایسه کرده است.
